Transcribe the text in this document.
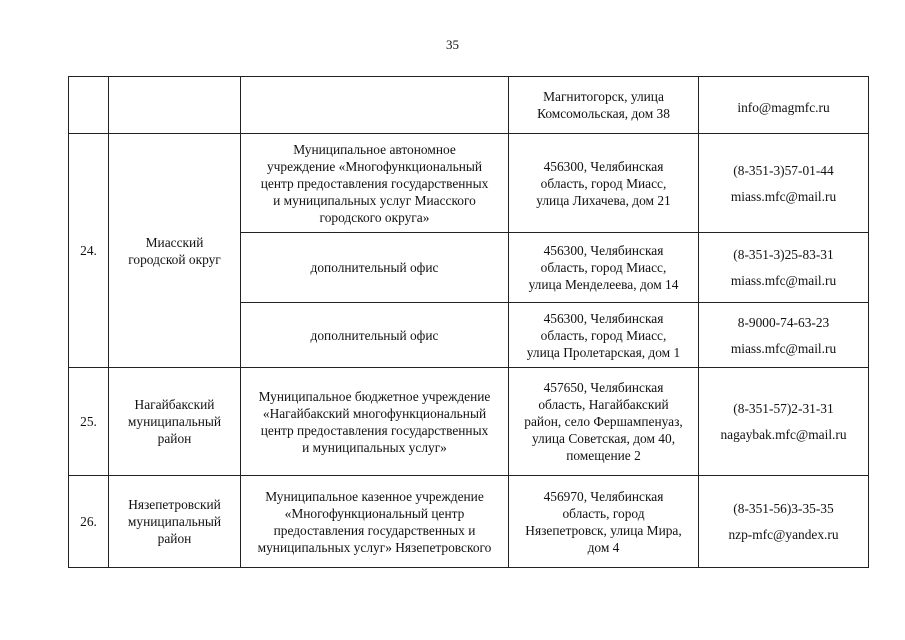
35

			Магнитогорск, улица
Комсомольская, дом 38	info@magmfc.ru

24.	Миасский
городской округ	Муниципальное автономное
учреждение «Многофункциональный
центр предоставления государственных
и муниципальных услуг Миасского
городского округа»	456300, Челябинская
область, город Миасс,
улица Лихачева, дом 21	(8-351-3)57-01-44
miass.mfc@mail.ru

		дополнительный офис	456300, Челябинская
область, город Миасс,
улица Менделеева, дом 14	(8-351-3)25-83-31
miass.mfc@mail.ru

		дополнительный офис	456300, Челябинская
область, город Миасс,
улица Пролетарская, дом 1	8-9000-74-63-23
miass.mfc@mail.ru

25.	Нагайбакский
муниципальный
район	Муниципальное бюджетное учреждение
«Нагайбакский многофункциональный
центр предоставления государственных
и муниципальных услуг»	457650, Челябинская
область, Нагайбакский
район, село Фершампенуаз,
улица Советская, дом 40,
помещение 2	(8-351-57)2-31-31
nagaybak.mfc@mail.ru

26.	Нязепетровский
муниципальный
район	Муниципальное казенное учреждение
«Многофункциональный центр
предоставления государственных и
муниципальных услуг» Нязепетровского	456970, Челябинская
область, город
Нязепетровск, улица Мира,
дом 4	(8-351-56)3-35-35
nzp-mfc@yandex.ru
